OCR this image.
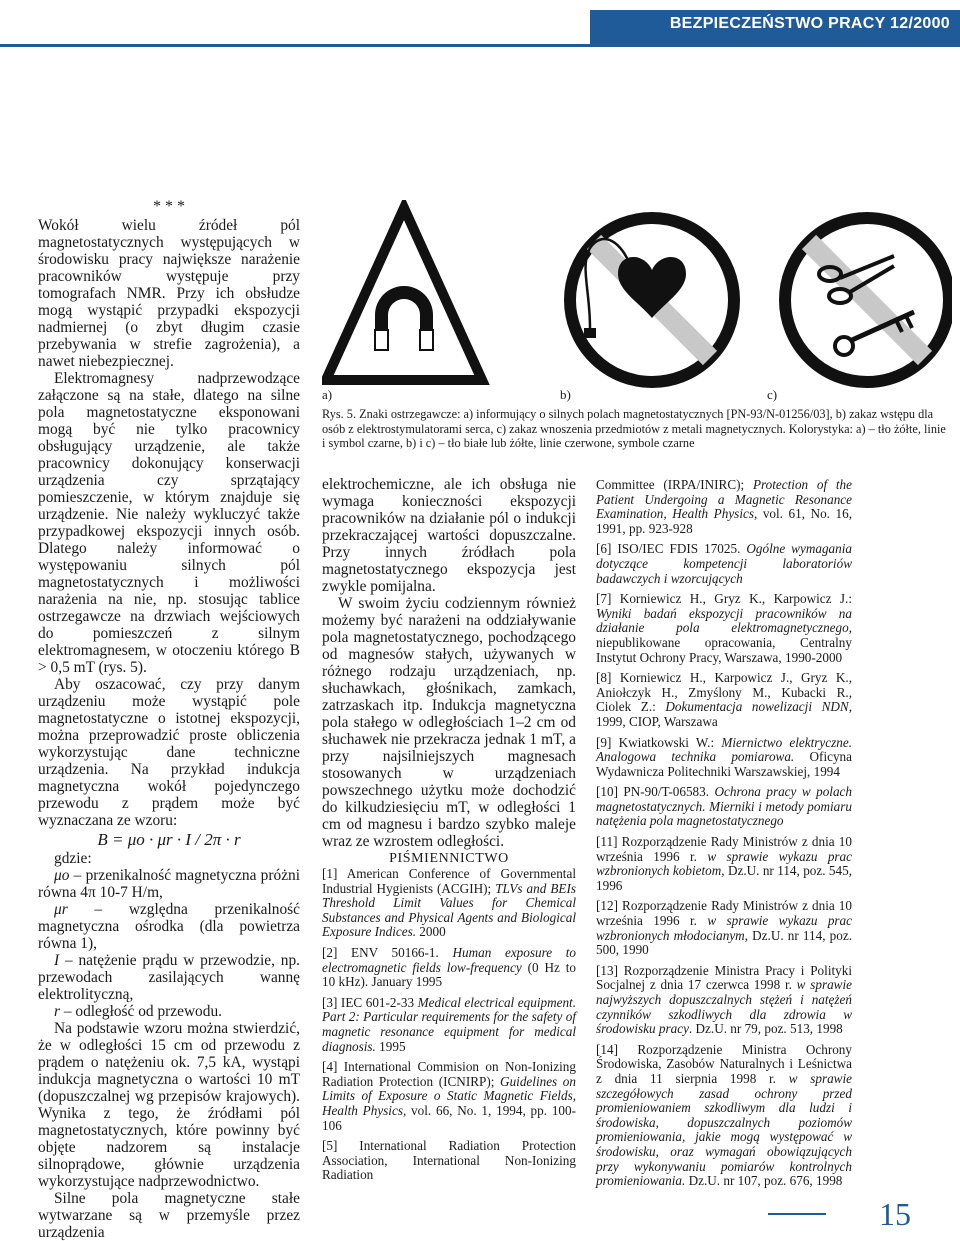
BEZPIECZEŃSTWO PRACY 12/2000
* * *

Wokół wielu źródeł pól magnetostatycznych występujących w środowisku pracy największe narażenie pracowników występuje przy tomografach NMR. Przy ich obsłudze mogą wystąpić przypadki ekspozycji nadmiernej (o zbyt długim czasie przebywania w strefie zagrożenia), a nawet niebezpiecznej.

Elektromagnesy nadprzewodzące załączone są na stałe, dlatego na silne pola magnetostatyczne eksponowani mogą być nie tylko pracownicy obsługujący urządzenie, ale także pracownicy dokonujący konserwacji urządzenia czy sprzątający pomieszczenie, w którym znajduje się urządzenie. Nie należy wykluczyć także przypadkowej ekspozycji innych osób. Dlatego należy informować o występowaniu silnych pól magnetostatycznych i możliwości narażenia na nie, np. stosując tablice ostrzegawcze na drzwiach wejściowych do pomieszczeń z silnym elektromagnesem, w otoczeniu którego B > 0,5 mT (rys. 5).

Aby oszacować, czy przy danym urządzeniu może wystąpić pole magnetostatyczne o istotnej ekspozycji, można przeprowadzić proste obliczenia wykorzystując dane techniczne urządzenia. Na przykład indukcja magnetyczna wokół pojedynczego przewodu z prądem może być wyznaczana ze wzoru:

B = μo · μr · I / 2π · r

gdzie:

μo – przenikalność magnetyczna próżni równa 4π 10-7 H/m,

μr – względna przenikalność magnetyczna ośrodka (dla powietrza równa 1),

I – natężenie prądu w przewodzie, np. przewodach zasilających wannę elektrolityczną,

r – odległość od przewodu.

Na podstawie wzoru można stwierdzić, że w odległości 15 cm od przewodu z prądem o natężeniu ok. 7,5 kA, wystąpi indukcja magnetyczna o wartości 10 mT (dopuszczalnej wg przepisów krajowych). Wynika z tego, że źródłami pól magnetostatycznych, które powinny być objęte nadzorem są instalacje silnoprądowe, głównie urządzenia wykorzystujące nadprzewodnictwo.

Silne pola magnetyczne stałe wytwarzane są w przemyśle przez urządzenia

a)	b)	c)
Rys. 5. Znaki ostrzegawcze: a) informujący o silnych polach magnetostatycznych [PN-93/N-01256/03], b) zakaz wstępu dla osób z elektrostymulatorami serca, c) zakaz wnoszenia przedmiotów z metali magnetycznych. Kolorystyka: a) – tło żółte, linie i symbol czarne, b) i c) – tło białe lub żółte, linie czerwone, symbole czarne

elektrochemiczne, ale ich obsługa nie wymaga konieczności ekspozycji pracowników na działanie pól o indukcji przekraczającej wartości dopuszczalne. Przy innych źródłach pola magnetostatycznego ekspozycja jest zwykle pomijalna.

W swoim życiu codziennym również możemy być narażeni na oddziaływanie pola magnetostatycznego, pochodzącego od magnesów stałych, używanych w różnego rodzaju urządzeniach, np. słuchawkach, głośnikach, zamkach, zatrzaskach itp. Indukcja magnetyczna pola stałego w odległościach 1–2 cm od słuchawek nie przekracza jednak 1 mT, a przy najsilniejszych magnesach stosowanych w urządzeniach powszechnego użytku może dochodzić do kilkudziesięciu mT, w odległości 1 cm od magnesu i bardzo szybko maleje wraz ze wzrostem odległości.

PIŚMIENNICTWO

[1] American Conference of Governmental Industrial Hygienists (ACGIH); TLVs and BEIs Threshold Limit Values for Chemical Substances and Physical Agents and Biological Exposure Indices. 2000

[2] ENV 50166-1. Human exposure to electromagnetic fields low-frequency (0 Hz to 10 kHz). January 1995

[3] IEC 601-2-33 Medical electrical equipment. Part 2: Particular requirements for the safety of magnetic resonance equipment for medical diagnosis. 1995

[4] International Commision on Non-Ionizing Radiation Protection (ICNIRP); Guidelines on Limits of Exposure o Static Magnetic Fields, Health Physics, vol. 66, No. 1, 1994, pp. 100-106

[5] International Radiation Protection Association, International Non-Ionizing Radiation

Committee (IRPA/INIRC); Protection of the Patient Undergoing a Magnetic Resonance Examination, Health Physics, vol. 61, No. 16, 1991, pp. 923-928

[6] ISO/IEC FDIS 17025. Ogólne wymagania dotyczące kompetencji laboratoriów badawczych i wzorcujących

[7] Korniewicz H., Gryz K., Karpowicz J.: Wyniki badań ekspozycji pracowników na działanie pola elektromagnetycznego, niepublikowane opracowania, Centralny Instytut Ochrony Pracy, Warszawa, 1990-2000

[8] Korniewicz H., Karpowicz J., Gryz K., Aniołczyk H., Zmyślony M., Kubacki R., Ciolek Z.: Dokumentacja nowelizacji NDN, 1999, CIOP, Warszawa

[9] Kwiatkowski W.: Miernictwo elektryczne. Analogowa technika pomiarowa. Oficyna Wydawnicza Politechniki Warszawskiej, 1994

[10] PN-90/T-06583. Ochrona pracy w polach magnetostatycznych. Mierniki i metody pomiaru natężenia pola magnetostatycznego

[11] Rozporządzenie Rady Ministrów z dnia 10 września 1996 r. w sprawie wykazu prac wzbronionych kobietom, Dz.U. nr 114, poz. 545, 1996

[12] Rozporządzenie Rady Ministrów z dnia 10 września 1996 r. w sprawie wykazu prac wzbronionych młodocianym, Dz.U. nr 114, poz. 500, 1990

[13] Rozporządzenie Ministra Pracy i Polityki Socjalnej z dnia 17 czerwca 1998 r. w sprawie najwyższych dopuszczalnych stężeń i natężeń czynników szkodliwych dla zdrowia w środowisku pracy. Dz.U. nr 79, poz. 513, 1998

[14] Rozporządzenie Ministra Ochrony Środowiska, Zasobów Naturalnych i Leśnictwa z dnia 11 sierpnia 1998 r. w sprawie szczegółowych zasad ochrony przed promieniowaniem szkodliwym dla ludzi i środowiska, dopuszczalnych poziomów promieniowania, jakie mogą występować w środowisku, oraz wymagań obowiązujących przy wykonywaniu pomiarów kontrolnych promieniowania. Dz.U. nr 107, poz. 676, 1998

15
